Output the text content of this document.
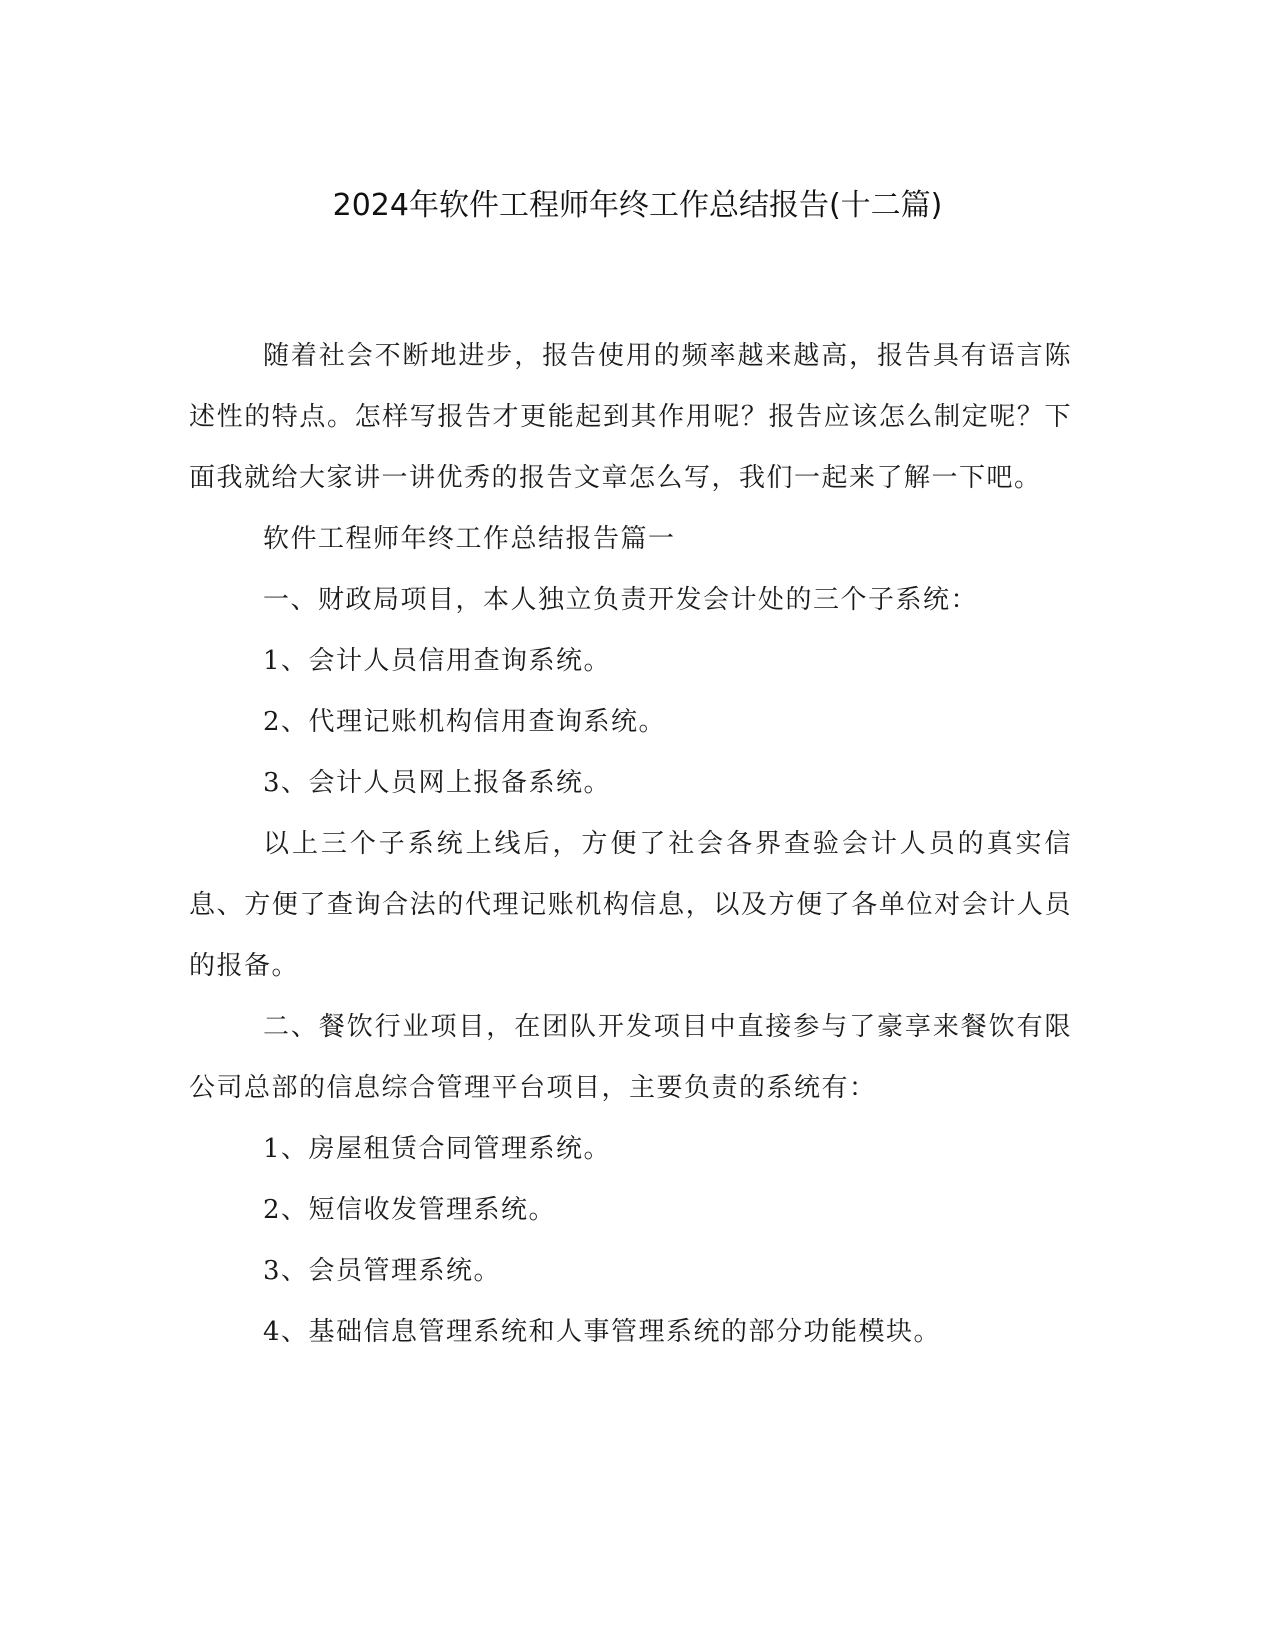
2024年软件工程师年终工作总结报告(十二篇)

随着社会不断地进步，报告使用的频率越来越高，报告具有语言陈述性的特点。怎样写报告才更能起到其作用呢？报告应该怎么制定呢？下面我就给大家讲一讲优秀的报告文章怎么写，我们一起来了解一下吧。

软件工程师年终工作总结报告篇一

一、财政局项目，本人独立负责开发会计处的三个子系统：

1、会计人员信用查询系统。

2、代理记账机构信用查询系统。

3、会计人员网上报备系统。

以上三个子系统上线后，方便了社会各界查验会计人员的真实信息、方便了查询合法的代理记账机构信息，以及方便了各单位对会计人员的报备。

二、餐饮行业项目，在团队开发项目中直接参与了豪享来餐饮有限公司总部的信息综合管理平台项目，主要负责的系统有：

1、房屋租赁合同管理系统。

2、短信收发管理系统。

3、会员管理系统。

4、基础信息管理系统和人事管理系统的部分功能模块。
